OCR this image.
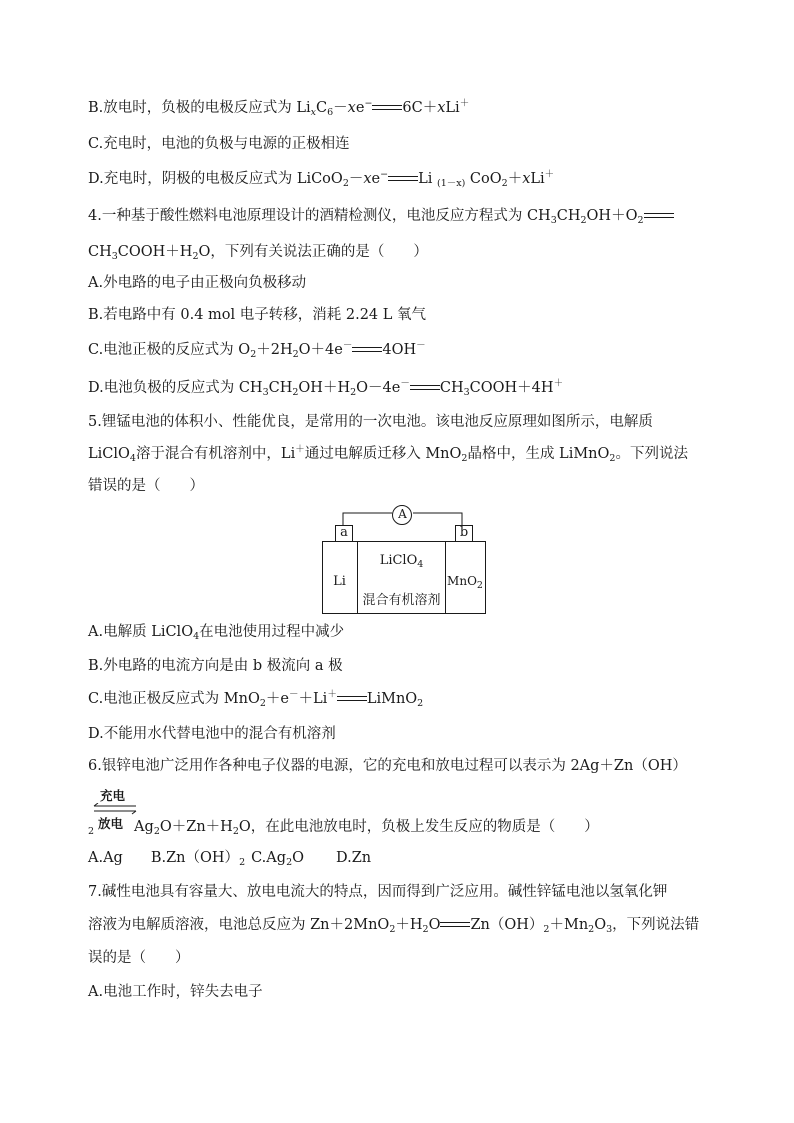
B.放电时，负极的电极反应式为 $Li_xC_6-xe^-$ 6C＋xLi＋
C.充电时，电池的负极与电源的正极相连
D.充电时，阴极的电极反应式为 LiCoO$_2$－xe− Li $_{(1-x)}$ CoO$_2$＋xLi＋
4.一种基于酸性燃料电池原理设计的酒精检测仪，电池反应方程式为 $CH_3CH_2OH+O_2$
$CH_3COOH+H_2O$，下列有关说法正确的是（　　）
A.外电路的电子由正极向负极移动
B.若电路中有 0.4 mol 电子转移，消耗 2.24 L 氧气
C.电池正极的反应式为 $O_2+2H_2O+4e^-$ 4OH－
D.电池负极的反应式为 $CH_3CH_2OH+H_2O-4e^-$ $CH_3COOH+4H^+$
5.锂锰电池的体积小、性能优良，是常用的一次电池。该电池反应原理如图所示，电解质
LiClO$_4$溶于混合有机溶剂中，Li＋通过电解质迁移入 MnO$_2$晶格中，生成 LiMnO$_2$。下列说法
错误的是（　　）
A
a	b
Li
LiClO$_4$
混合有机溶剂
MnO$_2$
A.电解质 LiClO$_4$在电池使用过程中减少
B.外电路的电流方向是由 b 极流向 a 极
C.电池正极反应式为 MnO$_2$＋e－＋Li＋ LiMnO$_2$
D.不能用水代替电池中的混合有机溶剂
6.银锌电池广泛用作各种电子仪器的电源，它的充电和放电过程可以表示为 2Ag＋Zn（OH）
充电
放电
$_2$	$Ag_2O+Zn+H_2O$，在此电池放电时，负极上发生反应的物质是（　　）
A.Ag $B.Zn(OH)_2$ $C.Ag_2O$ D.Zn
7.碱性电池具有容量大、放电电流大的特点，因而得到广泛应用。碱性锌锰电池以氢氧化钾
溶液为电解质溶液，电池总反应为 $Zn+2MnO_2+H_2O$ $Zn(OH)_2+Mn_2O_3$，下列说法错
误的是（　　）
A.电池工作时，锌失去电子
